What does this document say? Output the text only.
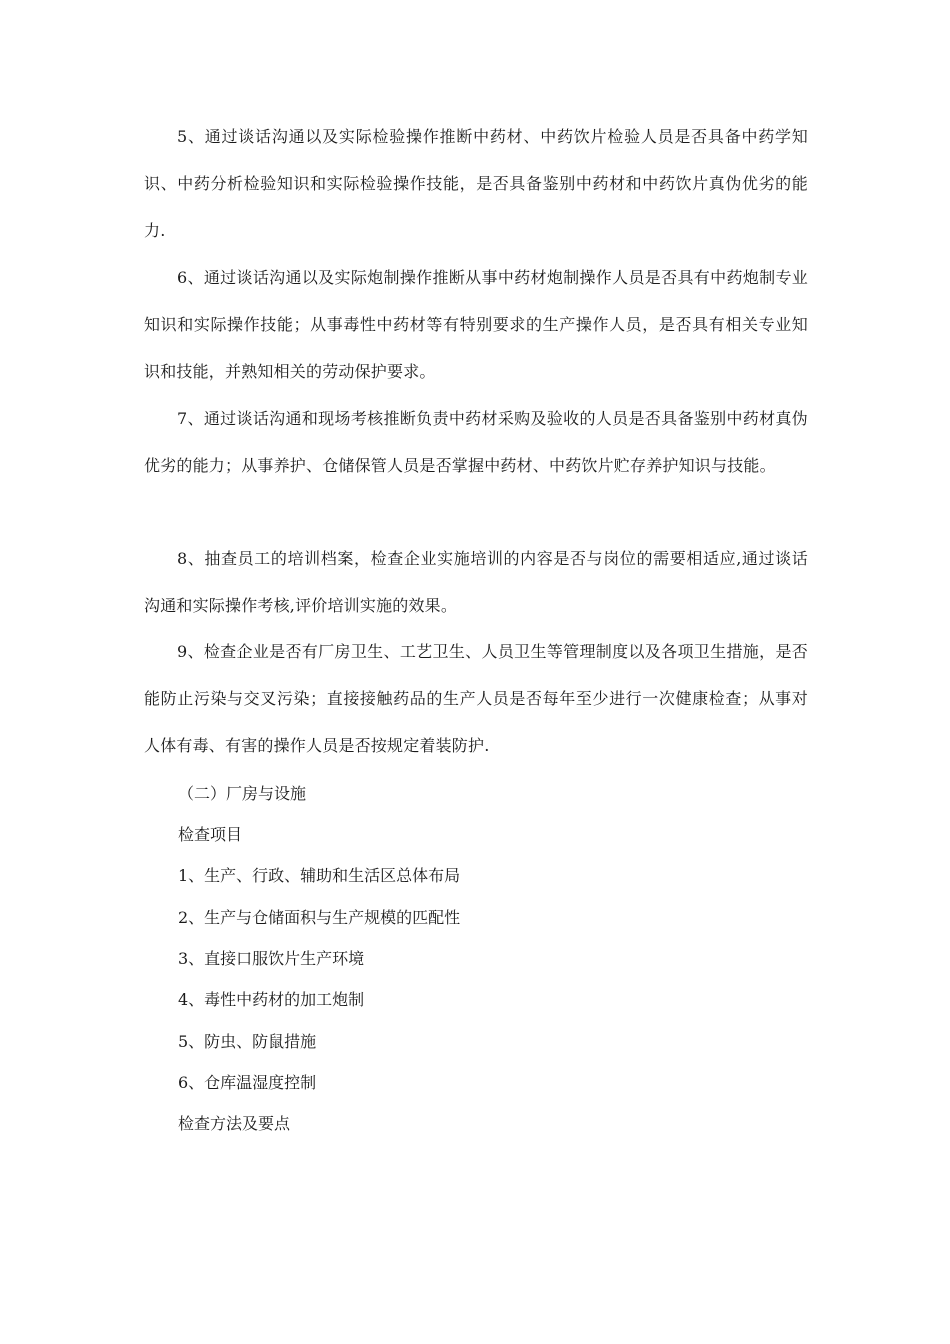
5、通过谈话沟通以及实际检验操作推断中药材、中药饮片检验人员是否具备中药学知识、中药分析检验知识和实际检验操作技能，是否具备鉴别中药材和中药饮片真伪优劣的能力.

6、通过谈话沟通以及实际炮制操作推断从事中药材炮制操作人员是否具有中药炮制专业知识和实际操作技能；从事毒性中药材等有特别要求的生产操作人员，是否具有相关专业知识和技能，并熟知相关的劳动保护要求。

7、通过谈话沟通和现场考核推断负责中药材采购及验收的人员是否具备鉴别中药材真伪优劣的能力；从事养护、仓储保管人员是否掌握中药材、中药饮片贮存养护知识与技能。

8、抽查员工的培训档案，检查企业实施培训的内容是否与岗位的需要相适应,通过谈话沟通和实际操作考核,评价培训实施的效果。

9、检查企业是否有厂房卫生、工艺卫生、人员卫生等管理制度以及各项卫生措施，是否能防止污染与交叉污染；直接接触药品的生产人员是否每年至少进行一次健康检查；从事对人体有毒、有害的操作人员是否按规定着装防护.

（二）厂房与设施

检查项目

1、生产、行政、辅助和生活区总体布局

2、生产与仓储面积与生产规模的匹配性

3、直接口服饮片生产环境

4、毒性中药材的加工炮制

5、防虫、防鼠措施

6、仓库温湿度控制

检查方法及要点
